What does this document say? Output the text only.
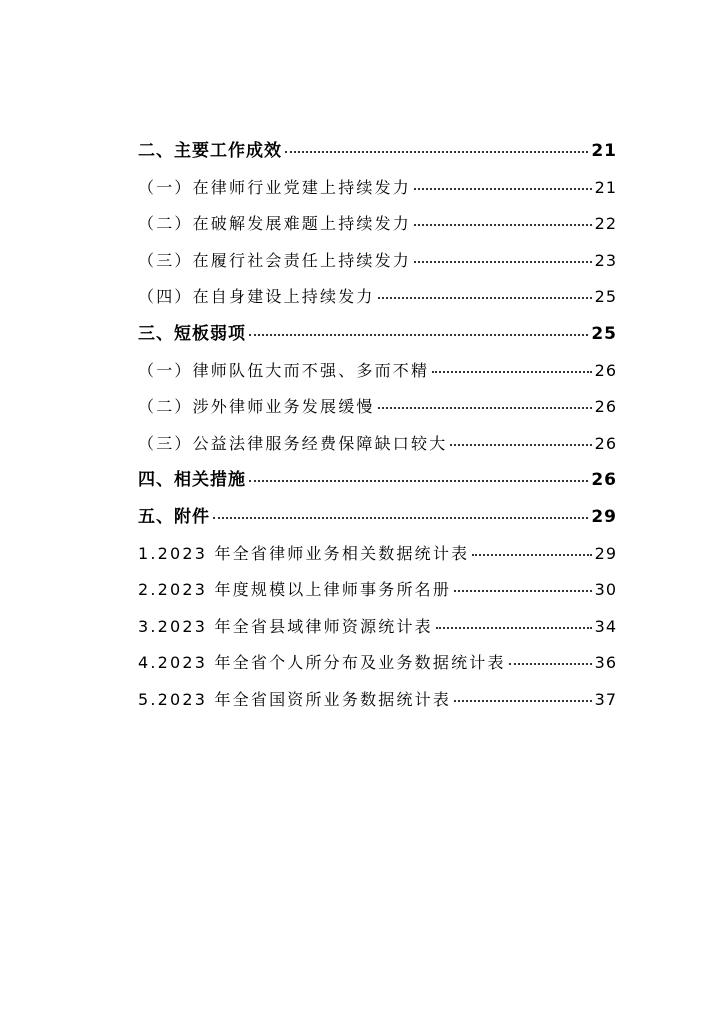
二、主要工作成效	21
（一）在律师行业党建上持续发力	21
（二）在破解发展难题上持续发力	22
（三）在履行社会责任上持续发力	23
（四）在自身建设上持续发力	25
三、短板弱项	25
（一）律师队伍大而不强、多而不精	26
（二）涉外律师业务发展缓慢	26
（三）公益法律服务经费保障缺口较大	26
四、相关措施	26
五、附件	29
1.2023 年全省律师业务相关数据统计表	29
2.2023 年度规模以上律师事务所名册	30
3.2023 年全省县域律师资源统计表	34
4.2023 年全省个人所分布及业务数据统计表	36
5.2023 年全省国资所业务数据统计表	37
